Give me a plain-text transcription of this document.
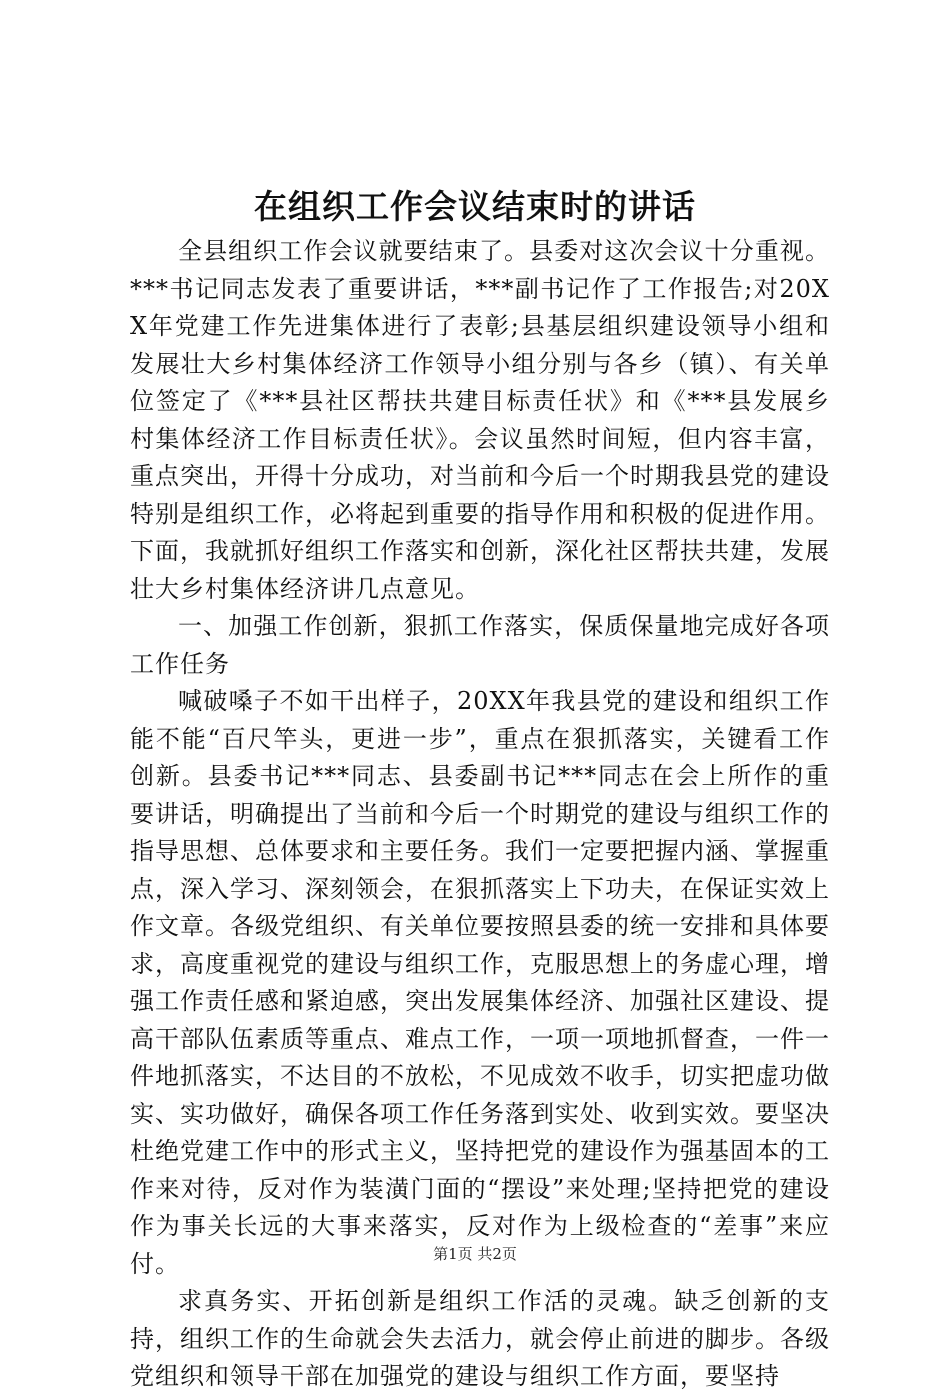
在组织工作会议结束时的讲话

全县组织工作会议就要结束了。县委对这次会议十分重视。***书记同志发表了重要讲话，***副书记作了工作报告;对20XX年党建工作先进集体进行了表彰;县基层组织建设领导小组和发展壮大乡村集体经济工作领导小组分别与各乡（镇）、有关单位签定了《***县社区帮扶共建目标责任状》和《***县发展乡村集体经济工作目标责任状》。会议虽然时间短，但内容丰富，重点突出，开得十分成功，对当前和今后一个时期我县党的建设特别是组织工作，必将起到重要的指导作用和积极的促进作用。下面，我就抓好组织工作落实和创新，深化社区帮扶共建，发展壮大乡村集体经济讲几点意见。

一、加强工作创新，狠抓工作落实，保质保量地完成好各项工作任务

喊破嗓子不如干出样子，20XX年我县党的建设和组织工作能不能“百尺竿头，更进一步”，重点在狠抓落实，关键看工作创新。县委书记***同志、县委副书记***同志在会上所作的重要讲话，明确提出了当前和今后一个时期党的建设与组织工作的指导思想、总体要求和主要任务。我们一定要把握内涵、掌握重点，深入学习、深刻领会，在狠抓落实上下功夫，在保证实效上作文章。各级党组织、有关单位要按照县委的统一安排和具体要求，高度重视党的建设与组织工作，克服思想上的务虚心理，增强工作责任感和紧迫感，突出发展集体经济、加强社区建设、提高干部队伍素质等重点、难点工作，一项一项地抓督查，一件一件地抓落实，不达目的不放松，不见成效不收手，切实把虚功做实、实功做好，确保各项工作任务落到实处、收到实效。要坚决杜绝党建工作中的形式主义，坚持把党的建设作为强基固本的工作来对待，反对作为装潢门面的“摆设”来处理;坚持把党的建设作为事关长远的大事来落实，反对作为上级检查的“差事”来应付。

求真务实、开拓创新是组织工作活的灵魂。缺乏创新的支持，组织工作的生命就会失去活力，就会停止前进的脚步。各级党组织和领导干部在加强党的建设与组织工作方面，要坚持

第1页 共2页
